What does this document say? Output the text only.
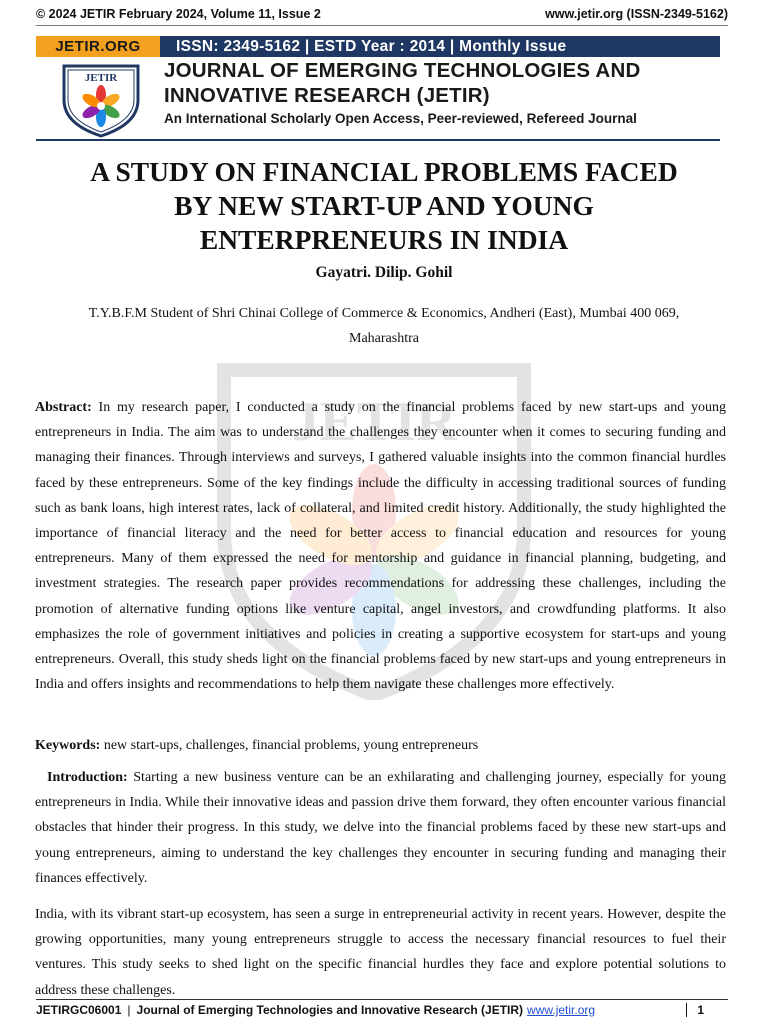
© 2024 JETIR February 2024, Volume 11, Issue 2	www.jetir.org (ISSN-2349-5162)
JETIR.ORG	ISSN: 2349-5162 | ESTD Year : 2014 | Monthly Issue
JETIR JOURNAL OF EMERGING TECHNOLOGIES AND
INNOVATIVE RESEARCH (JETIR)
An International Scholarly Open Access, Peer-reviewed, Refereed Journal
JETIR
A STUDY ON FINANCIAL PROBLEMS FACED
BY NEW START-UP AND YOUNG
ENTERPRENEURS IN INDIA
Gayatri. Dilip. Gohil
T.Y.B.F.M Student of Shri Chinai College of Commerce & Economics, Andheri (East), Mumbai 400 069,
Maharashtra

Abstract: In my research paper, I conducted a study on the financial problems faced by new start-ups and young entrepreneurs in India. The aim was to understand the challenges they encounter when it comes to securing funding and managing their finances. Through interviews and surveys, I gathered valuable insights into the common financial hurdles faced by these entrepreneurs. Some of the key findings include the difficulty in accessing traditional sources of funding such as bank loans, high interest rates, lack of collateral, and limited credit history. Additionally, the study highlighted the importance of financial literacy and the need for better access to financial education and resources for young entrepreneurs. Many of them expressed the need for mentorship and guidance in financial planning, budgeting, and investment strategies. The research paper provides recommendations for addressing these challenges, including the promotion of alternative funding options like venture capital, angel investors, and crowdfunding platforms. It also emphasizes the role of government initiatives and policies in creating a supportive ecosystem for start-ups and young entrepreneurs. Overall, this study sheds light on the financial problems faced by new start-ups and young entrepreneurs in India and offers insights and recommendations to help them navigate these challenges more effectively.

Keywords: new start-ups, challenges, financial problems, young entrepreneurs

Introduction: Starting a new business venture can be an exhilarating and challenging journey, especially for young entrepreneurs in India. While their innovative ideas and passion drive them forward, they often encounter various financial obstacles that hinder their progress. In this study, we delve into the financial problems faced by these new start-ups and young entrepreneurs, aiming to understand the key challenges they encounter in securing funding and managing their finances effectively.

India, with its vibrant start-up ecosystem, has seen a surge in entrepreneurial activity in recent years. However, despite the growing opportunities, many young entrepreneurs struggle to access the necessary financial resources to fuel their ventures. This study seeks to shed light on the specific financial hurdles they face and explore potential solutions to address these challenges.

JETIRGC06001 | Journal of Emerging Technologies and Innovative Research (JETIR) www.jetir.org	1
